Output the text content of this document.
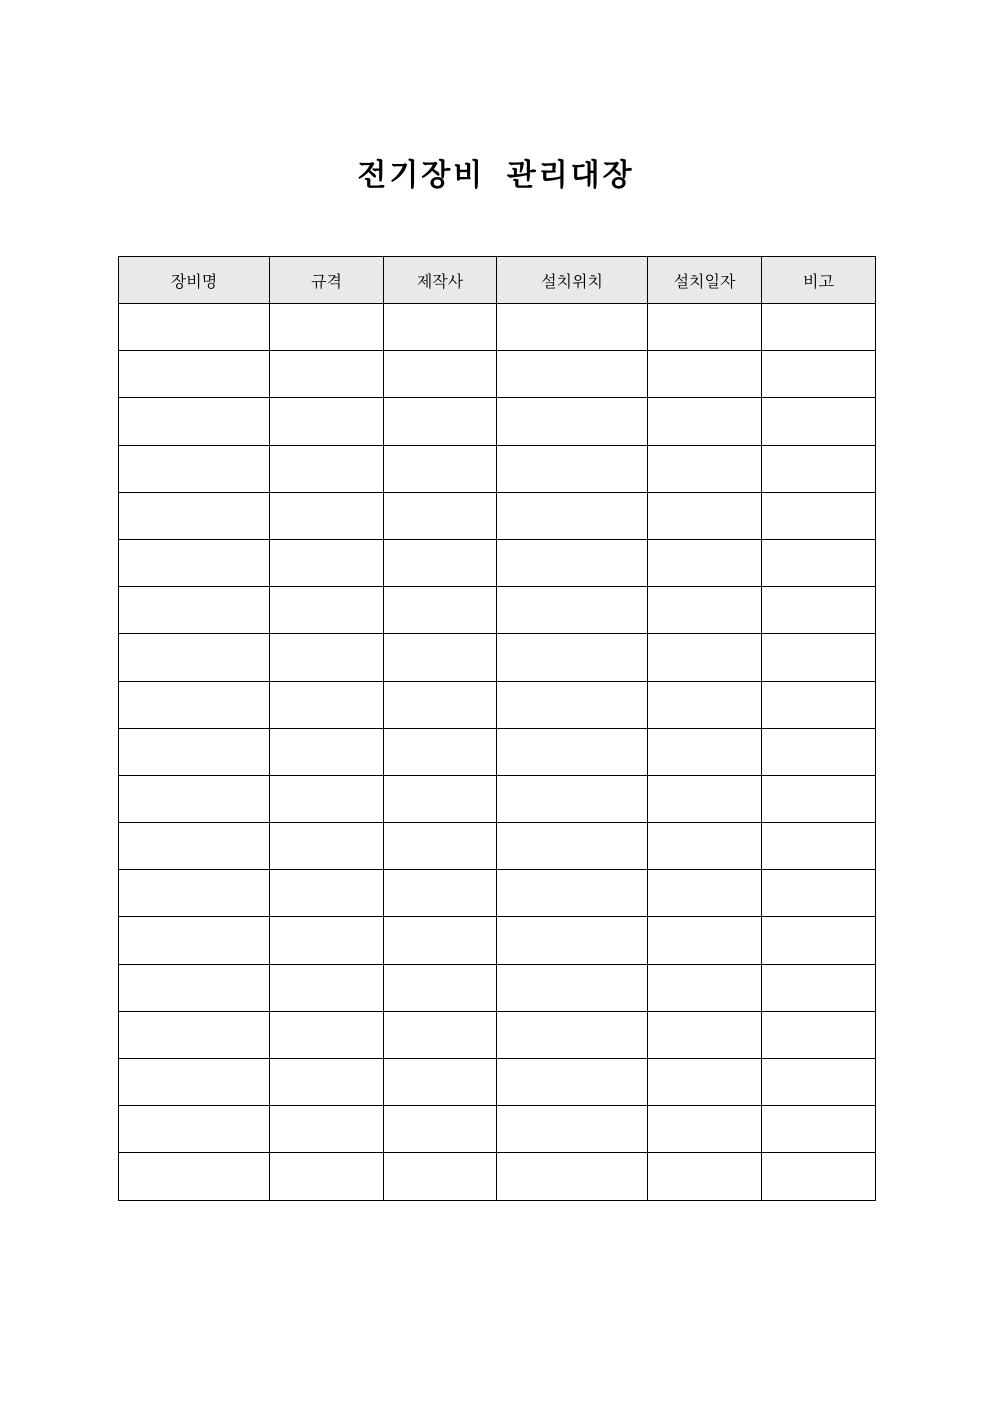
전기장비 관리대장
장비명	규격	제작사	설치위치	설치일자	비고
